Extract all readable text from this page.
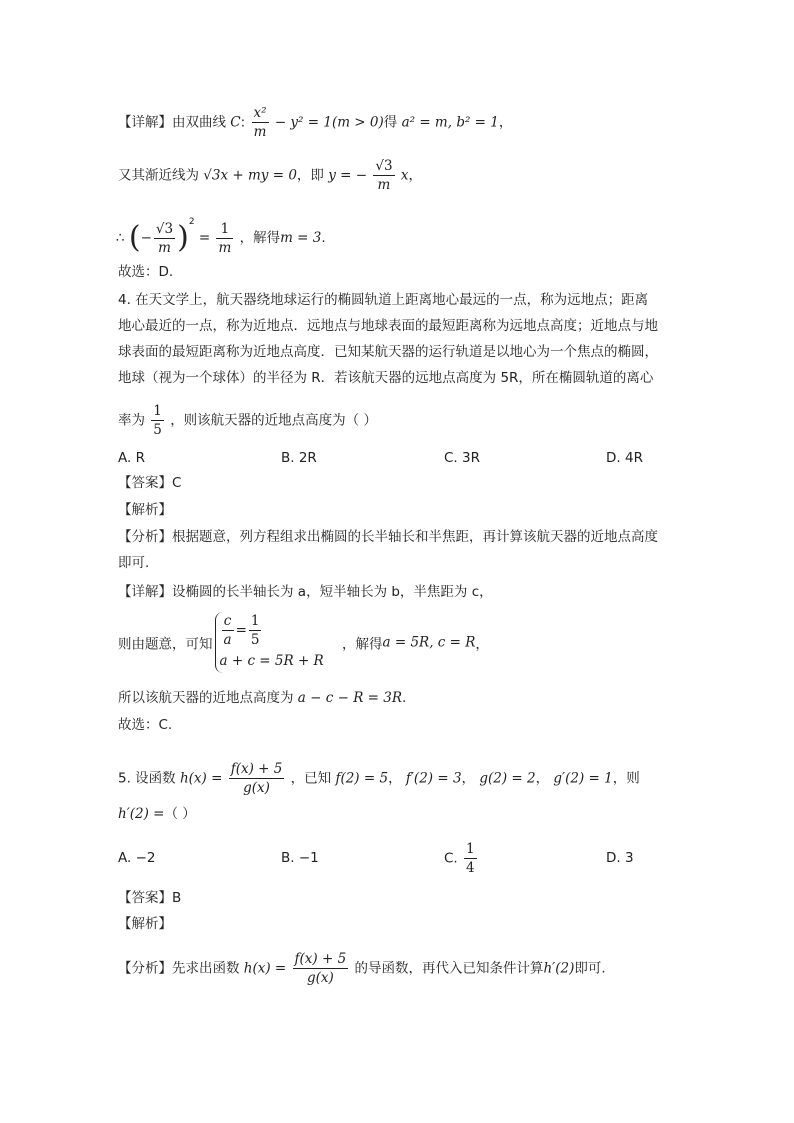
【详解】由双曲线 C: $\frac{\text{x²}}{m} - y^2 = 1(m > 0)$得 a² = m, b² = 1，
又其渐近线为 √3x + my = 0，即 y = − $\frac{√3}{m}$ x，
∴ (− $\frac{√3}{m} )^2 = \frac{1}{m}$ ，解得m = 3.
故选：D.
4. 在天文学上，航天器绕地球运行的椭圆轨道上距离地心最远的一点，称为远地点；距离
地心最近的一点，称为近地点．远地点与地球表面的最短距离称为远地点高度；近地点与地
球表面的最短距离称为近地点高度．已知某航天器的运行轨道是以地心为一个焦点的椭圆，
地球（视为一个球体）的半径为 R．若该航天器的远地点高度为 5R，所在椭圆轨道的离心
率为 $\frac{1}{5}$ ，则该航天器的近地点高度为（ ）
A. R	B. 2R	C. 3R	D. 4R
【答案】C
【解析】
【分析】根据题意，列方程组求出椭圆的长半轴长和半焦距，再计算该航天器的近地点高度
即可.
【详解】设椭圆的长半轴长为 a，短半轴长为 b，半焦距为 c，
则由题意，可知 $\frac{c}{a} = \frac{1}{5}$
a + c = 5R + R
，解得a = 5R, c = R，
所以该航天器的近地点高度为 a − c − R = 3R.
故选：C.
5. 设函数 $h(x) = \frac{f(x) + 5}{g(x)}$ ，已知 f(2) = 5， f′(2) = 3， g(2) = 2， g′(2) = 1，则
h′(2) =（ ）
A. −2	B. −1	C. $\frac{1}{4}$	D. 3
【答案】B
【解析】
【分析】先求出函数 $h(x) = \frac{f(x) + 5}{g(x)}$ 的导函数，再代入已知条件计算h′(2)即可.
